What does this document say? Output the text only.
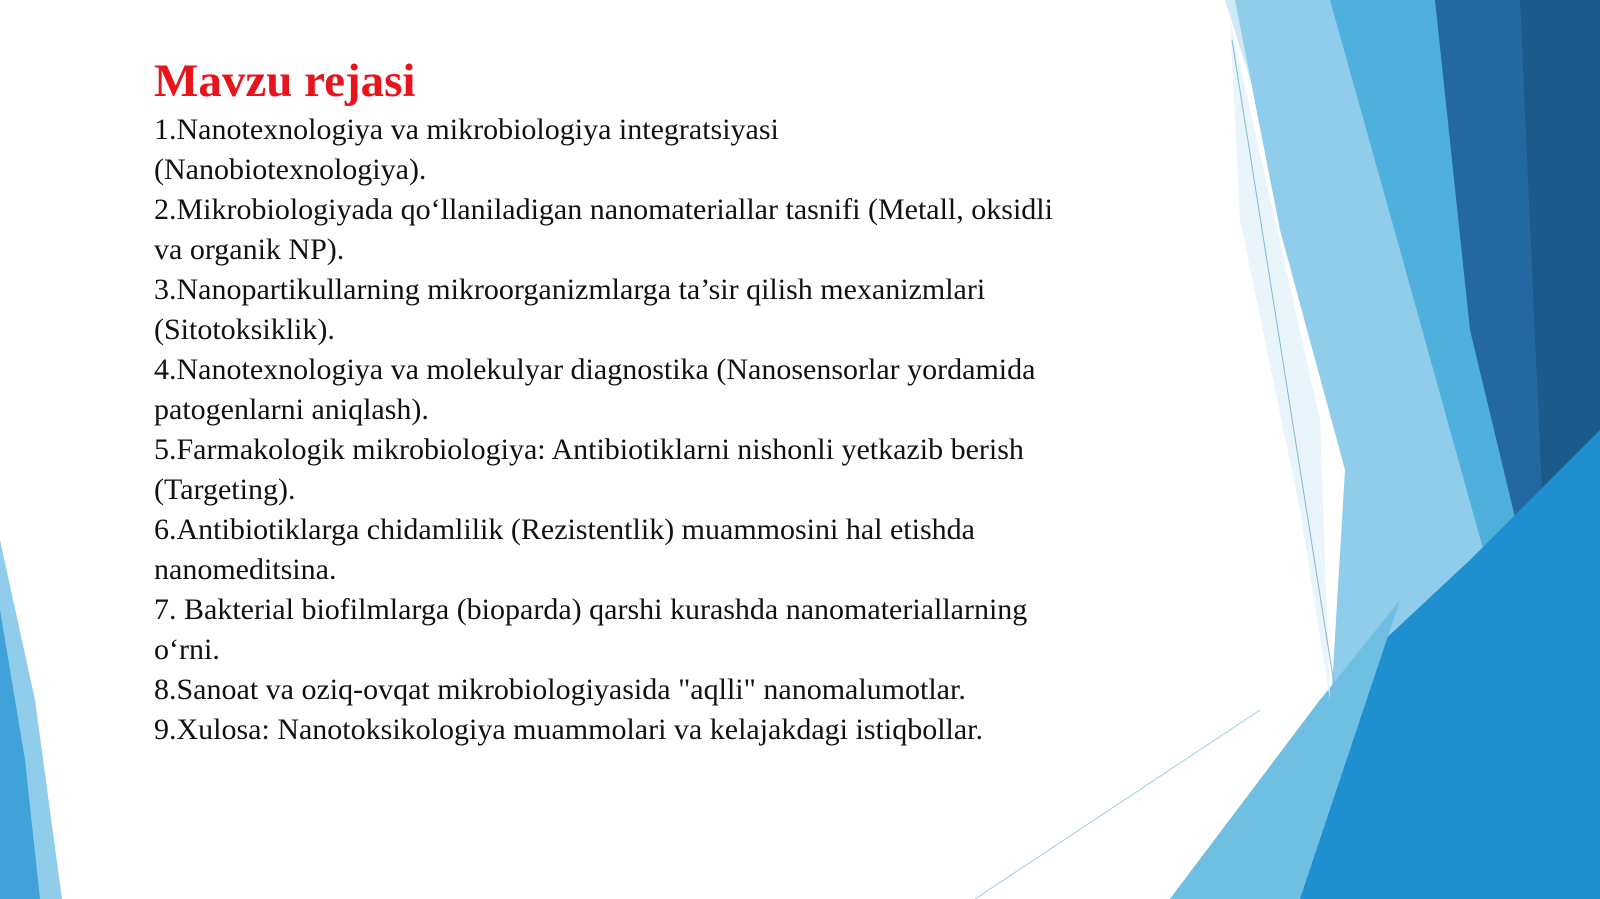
Mavzu rejasi
1.Nanotexnologiya va mikrobiologiya integratsiyasi (Nanobiotexnologiya).
2.Mikrobiologiyada qo‘llaniladigan nanomateriallar tasnifi (Metall, oksidli va organik NP).
3.Nanopartikullarning mikroorganizmlarga ta’sir qilish mexanizmlari (Sitotoksiklik).
4.Nanotexnologiya va molekulyar diagnostika (Nanosensorlar yordamida patogenlarni aniqlash).
5.Farmakologik mikrobiologiya: Antibiotiklarni nishonli yetkazib berish (Targeting).
6.Antibiotiklarga chidamlilik (Rezistentlik) muammosini hal etishda nanomeditsina.
7. Bakterial biofilmlarga (bioparda) qarshi kurashda nanomateriallarning o‘rni.
8.Sanoat va oziq-ovqat mikrobiologiyasida "aqlli" nanomalumotlar.
9.Xulosa: Nanotoksikologiya muammolari va kelajakdagi istiqbollar.
